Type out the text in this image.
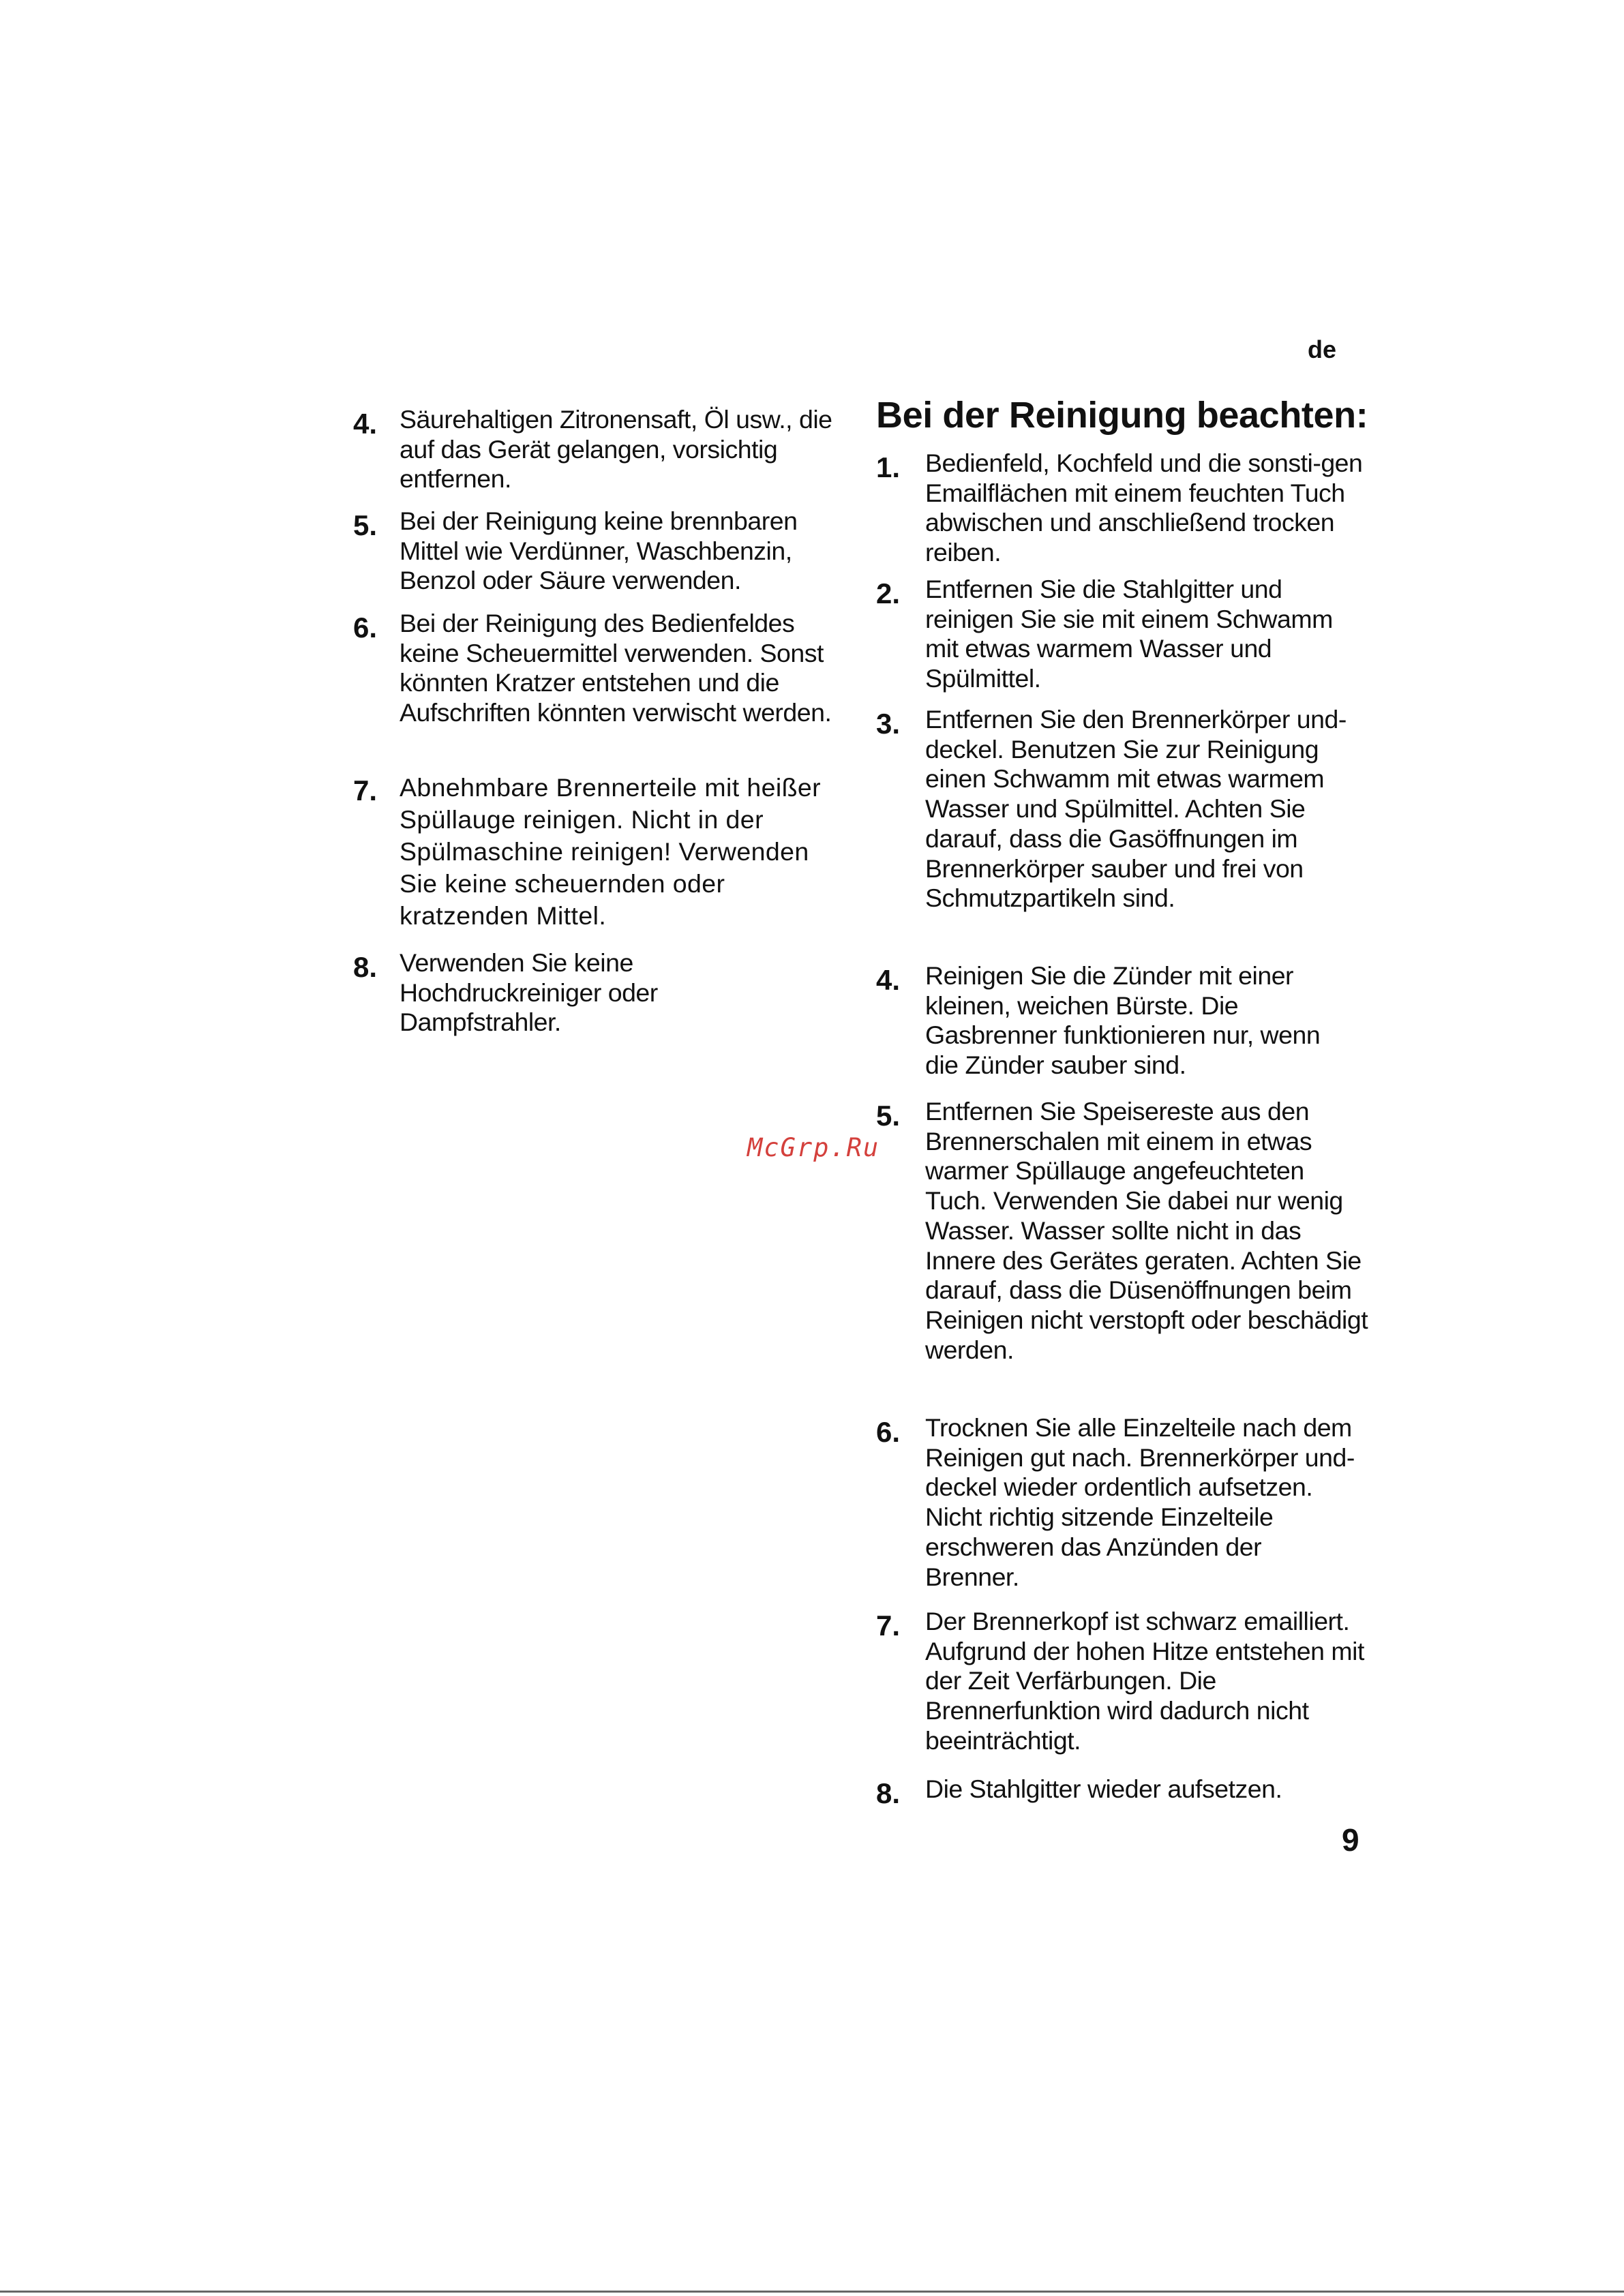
de

4. Säurehaltigen Zitronensaft, Öl usw., die auf das Gerät gelangen, vorsichtig entfernen.

5. Bei der Reinigung keine brennbaren Mittel wie Verdünner, Waschbenzin, Benzol oder Säure verwenden.

6. Bei der Reinigung des Bedienfeldes keine Scheuermittel verwenden. Sonst könnten Kratzer entstehen und die Aufschriften könnten verwischt werden.

7. Abnehmbare Brennerteile mit heißer Spüllauge reinigen. Nicht in der Spülmaschine reinigen! Verwenden Sie keine scheuernden oder kratzenden Mittel.

8. Verwenden Sie keine Hochdruckreiniger oder Dampfstrahler.

Bei der Reinigung beachten:
1. Bedienfeld, Kochfeld und die sonsti-gen Emailflächen mit einem feuchten Tuch abwischen und anschließend trocken reiben.

2. Entfernen Sie die Stahlgitter und reinigen Sie sie mit einem Schwamm mit etwas warmem Wasser und Spülmittel.

3. Entfernen Sie den Brennerkörper und-deckel. Benutzen Sie zur Reinigung einen Schwamm mit etwas warmem Wasser und Spülmittel. Achten Sie darauf, dass die Gasöffnungen im Brennerkörper sauber und frei von Schmutzpartikeln sind.

4. Reinigen Sie die Zünder mit einer kleinen, weichen Bürste. Die Gasbrenner funktionieren nur, wenn die Zünder sauber sind.

5. Entfernen Sie Speisereste aus den Brennerschalen mit einem in etwas warmer Spüllauge angefeuchteten Tuch. Verwenden Sie dabei nur wenig Wasser. Wasser sollte nicht in das Innere des Gerätes geraten. Achten Sie darauf, dass die Düsenöffnungen beim Reinigen nicht verstopft oder beschädigt werden.

6. Trocknen Sie alle Einzelteile nach dem Reinigen gut nach. Brennerkörper und-deckel wieder ordentlich aufsetzen. Nicht richtig sitzende Einzelteile erschweren das Anzünden der Brenner.

7. Der Brennerkopf ist schwarz emailliert. Aufgrund der hohen Hitze entstehen mit der Zeit Verfärbungen. Die Brennerfunktion wird dadurch nicht beeinträchtigt.

8. Die Stahlgitter wieder aufsetzen.

McGrp.Ru

9
